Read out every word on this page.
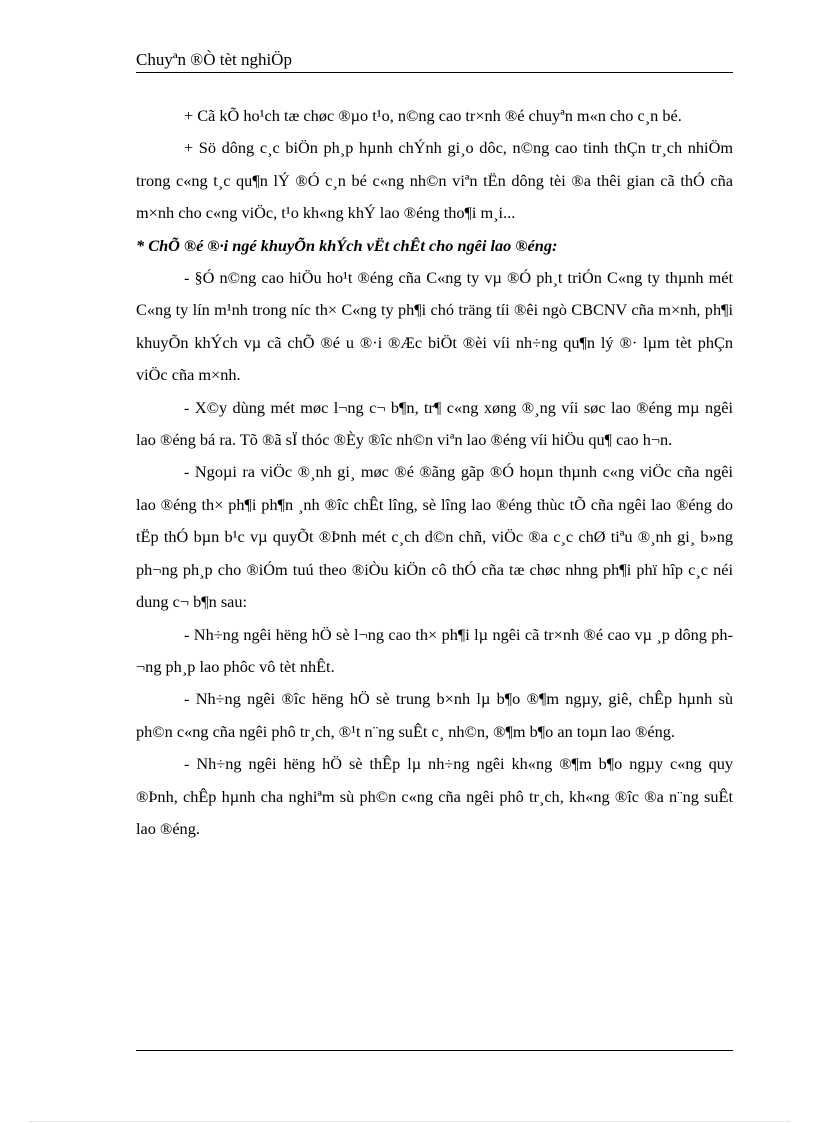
Chuyªn ®Ò tèt nghiÖp

+ Cã kÕ ho¹ch tæ chøc ®µo t¹o, n©ng cao tr×nh ®é chuyªn m«n cho c¸n bé.

+ Sö dông c¸c biÖn ph¸p hµnh chÝnh gi¸o dôc, n©ng cao tinh thÇn tr¸ch nhiÖm trong c«ng t¸c qu¶n lÝ ®Ó c¸n bé c«ng nh©n viªn tËn dông tèi ®a thêi gian cã thÓ cña m×nh cho c«ng viÖc, t¹o kh«ng khÝ lao ®éng tho¶i m¸i...

* ChÕ ®é ®·i ngé khuyÕn khÝch vËt chÊt cho ngêi lao ®éng:

- §Ó n©ng cao hiÖu ho¹t ®éng cña C«ng ty vµ ®Ó ph¸t triÓn C«ng ty thµnh mét C«ng ty lín m¹nh trong níc th× C«ng ty ph¶i chó träng tíi ®êi ngò CBCNV cña m×nh, ph¶i khuyÕn khÝch vµ cã chÕ ®é u ®·i ®Æc biÖt ®èi víi nh÷ng qu¶n lý ®· lµm tèt phÇn viÖc cña m×nh.

- X©y dùng mét møc l¬ng c¬ b¶n, tr¶ c«ng xøng ®¸ng víi søc lao ®éng mµ ngêi lao ®éng bá ra. Tõ ®ã sÏ thóc ®Èy ®îc nh©n viªn lao ®éng víi hiÖu qu¶ cao h¬n.

- Ngoµi ra viÖc ®¸nh gi¸ møc ®é ®ãng gãp ®Ó hoµn thµnh c«ng viÖc cña ngêi lao ®éng th× ph¶i ph¶n ¸nh ®îc chÊt lîng, sè lîng lao ®éng thùc tÕ cña ngêi lao ®éng do tËp thÓ bµn b¹c vµ quyÕt ®Þnh mét c¸ch d©n chñ, viÖc ®a c¸c chØ tiªu ®¸nh gi¸ b»ng ph¬ng ph¸p cho ®iÓm tuú theo ®iÒu kiÖn cô thÓ cña tæ chøc nhng ph¶i phï hîp c¸c néi dung c¬ b¶n sau:

- Nh÷ng ngêi hëng hÖ sè l¬ng cao th× ph¶i lµ ngêi cã tr×nh ®é cao vµ ¸p dông ph¬ng ph¸p lao phôc vô tèt nhÊt.

- Nh÷ng ngêi ®îc hëng hÖ sè trung b×nh lµ b¶o ®¶m ngµy, giê, chÊp hµnh sù ph©n c«ng cña ngêi phô tr¸ch, ®¹t n¨ng suÊt c¸ nh©n, ®¶m b¶o an toµn lao ®éng.

- Nh÷ng ngêi hëng hÖ sè thÊp lµ nh÷ng ngêi kh«ng ®¶m b¶o ngµy c«ng quy ®Þnh, chÊp hµnh cha nghiªm sù ph©n c«ng cña ngêi phô tr¸ch, kh«ng ®îc ®a n¨ng suÊt lao ®éng.
